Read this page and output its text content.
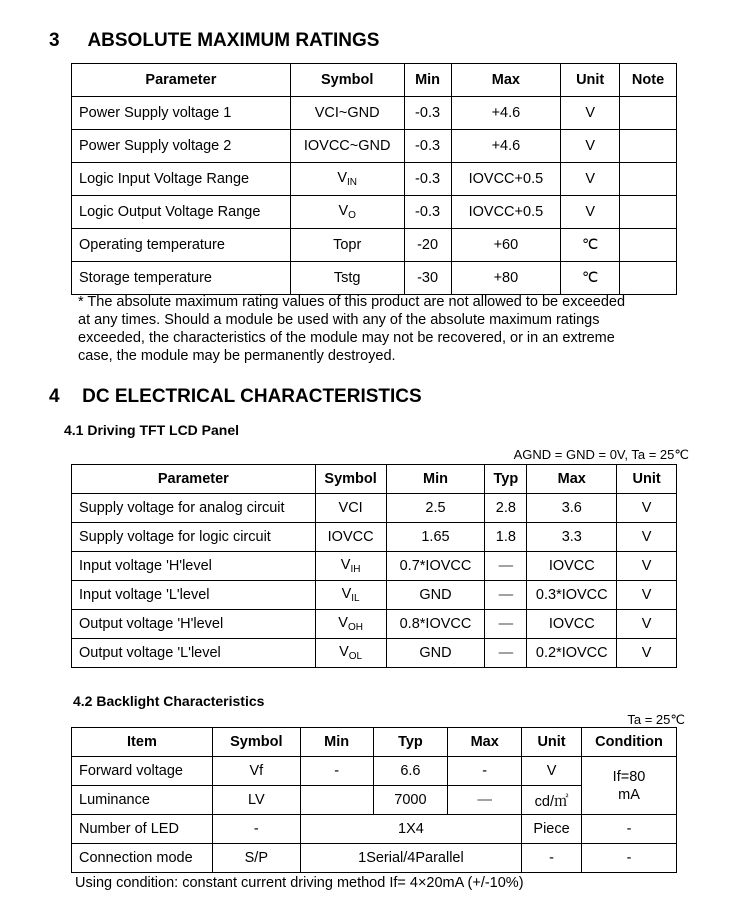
3 ABSOLUTE MAXIMUM RATINGS
Parameter	Symbol	Min	Max	Unit	Note
Power Supply voltage 1	VCI~GND	-0.3	+4.6	V	
Power Supply voltage 2	IOVCC~GND	-0.3	+4.6	V	
Logic Input Voltage Range	$V_{IN}$	-0.3	IOVCC+0.5	V	
Logic Output Voltage Range	$V_O$	-0.3	IOVCC+0.5	V	
Operating temperature	Topr	-20	+60	℃	
Storage temperature	Tstg	-30	+80	℃	
* The absolute maximum rating values of this product are not allowed to be exceeded
at any times. Should a module be used with any of the absolute maximum ratings
exceeded, the characteristics of the module may not be recovered, or in an extreme
case, the module may be permanently destroyed.
4 DC ELECTRICAL CHARACTERISTICS
4.1 Driving TFT LCD Panel
AGND = GND = 0V, Ta = 25℃
Parameter	Symbol	Min	Typ	Max	Unit
Supply voltage for analog circuit	VCI	2.5	2.8	3.6	V
Supply voltage for logic circuit	IOVCC	1.65	1.8	3.3	V
Input voltage 'H'level	$V_{IH}$	0.7*IOVCC	—	IOVCC	V
Input voltage 'L'level	$V_{IL}$	GND	—	0.3*IOVCC	V
Output voltage 'H'level	$V_{OH}$	0.8*IOVCC	—	IOVCC	V
Output voltage 'L'level	$V_{OL}$	GND	—	0.2*IOVCC	V
4.2 Backlight Characteristics
Ta = 25℃
Item	Symbol	Min	Typ	Max	Unit	Condition
Forward voltage	Vf	-	6.6	-	V	If=80
mA

Luminance	LV		7000	—	cd/㎡	
Number of LED	-	1X4			Piece	-
Connection mode	S/P	1Serial/4Parallel			-	-
Using condition: constant current driving method If= 4×20mA (+/-10%)
